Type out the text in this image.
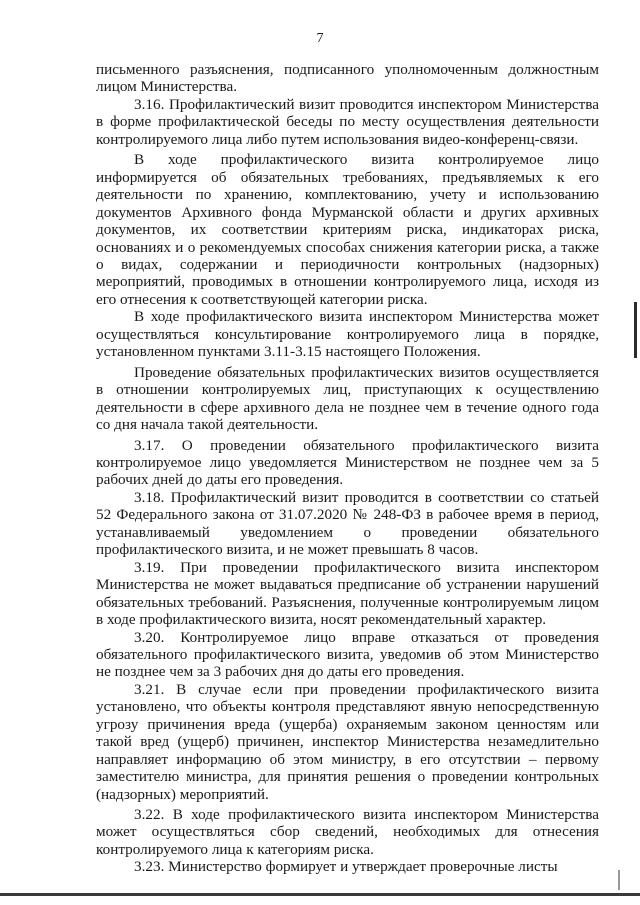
7

письменного разъяснения, подписанного уполномоченным должностным лицом Министерства.

3.16. Профилактический визит проводится инспектором Министерства в форме профилактической беседы по месту осуществления деятельности контролируемого лица либо путем использования видео-конференц-связи.

В ходе профилактического визита контролируемое лицо информируется об обязательных требованиях, предъявляемых к его деятельности по хранению, комплектованию, учету и использованию документов Архивного фонда Мурманской области и других архивных документов, их соответствии критериям риска, индикаторах риска, основаниях и о рекомендуемых способах снижения категории риска, а также о видах, содержании и периодичности контрольных (надзорных) мероприятий, проводимых в отношении контролируемого лица, исходя из его отнесения к соответствующей категории риска.

В ходе профилактического визита инспектором Министерства может осуществляться консультирование контролируемого лица в порядке, установленном пунктами 3.11-3.15 настоящего Положения.

Проведение обязательных профилактических визитов осуществляется в отношении контролируемых лиц, приступающих к осуществлению деятельности в сфере архивного дела не позднее чем в течение одного года со дня начала такой деятельности.

3.17. О проведении обязательного профилактического визита контролируемое лицо уведомляется Министерством не позднее чем за 5 рабочих дней до даты его проведения.

3.18. Профилактический визит проводится в соответствии со статьей 52 Федерального закона от 31.07.2020 № 248-ФЗ в рабочее время в период, устанавливаемый уведомлением о проведении обязательного профилактического визита, и не может превышать 8 часов.

3.19. При проведении профилактического визита инспектором Министерства не может выдаваться предписание об устранении нарушений обязательных требований. Разъяснения, полученные контролируемым лицом в ходе профилактического визита, носят рекомендательный характер.

3.20. Контролируемое лицо вправе отказаться от проведения обязательного профилактического визита, уведомив об этом Министерство не позднее чем за 3 рабочих дня до даты его проведения.

3.21. В случае если при проведении профилактического визита установлено, что объекты контроля представляют явную непосредственную угрозу причинения вреда (ущерба) охраняемым законом ценностям или такой вред (ущерб) причинен, инспектор Министерства незамедлительно направляет информацию об этом министру, в его отсутствии – первому заместителю министра, для принятия решения о проведении контрольных (надзорных) мероприятий.

3.22. В ходе профилактического визита инспектором Министерства может осуществляться сбор сведений, необходимых для отнесения контролируемого лица к категориям риска.

3.23. Министерство формирует и утверждает проверочные листы
